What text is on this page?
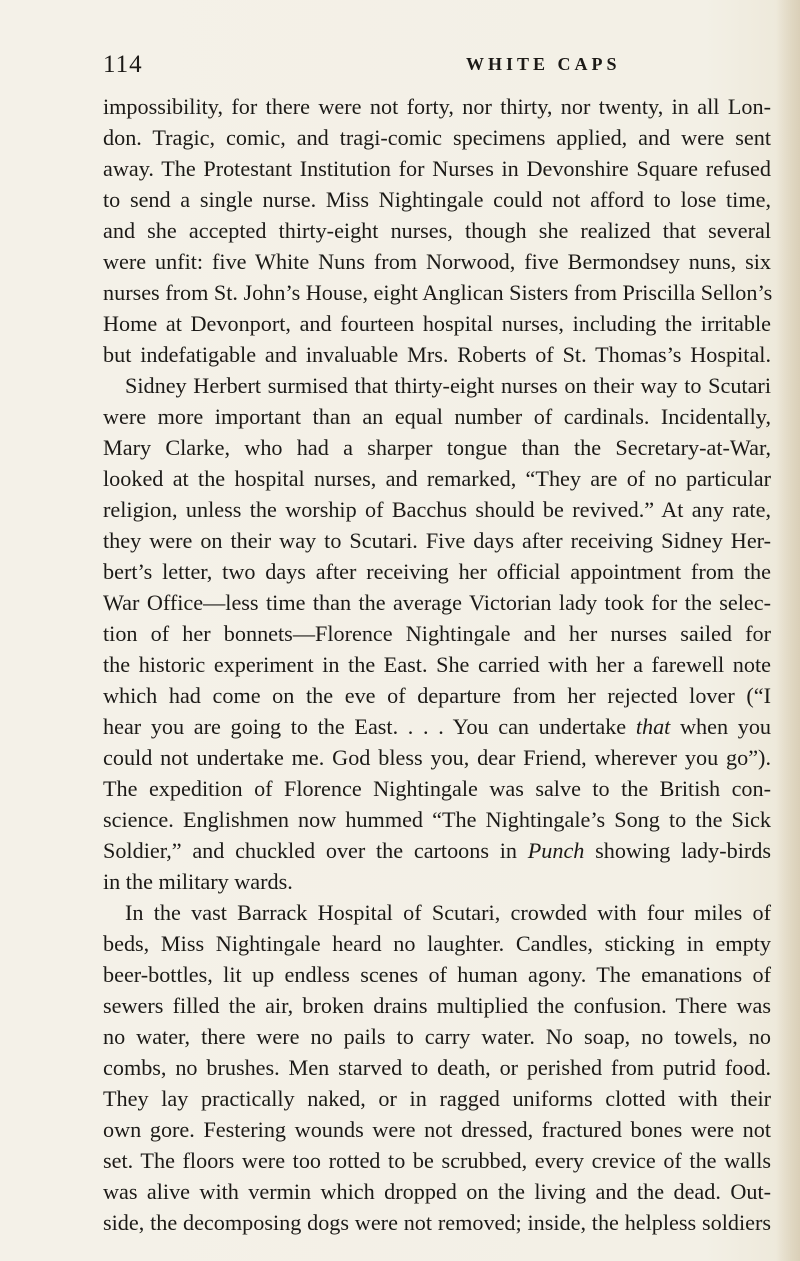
114	WHITE CAPS
impossibility, for there were not forty, nor thirty, nor twenty, in all Lon-
don. Tragic, comic, and tragi-comic specimens applied, and were sent
away. The Protestant Institution for Nurses in Devonshire Square refused
to send a single nurse. Miss Nightingale could not afford to lose time,
and she accepted thirty-eight nurses, though she realized that several
were unfit: five White Nuns from Norwood, five Bermondsey nuns, six
nurses from St. John’s House, eight Anglican Sisters from Priscilla Sellon’s
Home at Devonport, and fourteen hospital nurses, including the irritable
but indefatigable and invaluable Mrs. Roberts of St. Thomas’s Hospital.
Sidney Herbert surmised that thirty-eight nurses on their way to Scutari
were more important than an equal number of cardinals. Incidentally,
Mary Clarke, who had a sharper tongue than the Secretary-at-War,
looked at the hospital nurses, and remarked, “They are of no particular
religion, unless the worship of Bacchus should be revived.” At any rate,
they were on their way to Scutari. Five days after receiving Sidney Her-
bert’s letter, two days after receiving her official appointment from the
War Office—less time than the average Victorian lady took for the selec-
tion of her bonnets—Florence Nightingale and her nurses sailed for
the historic experiment in the East. She carried with her a farewell note
which had come on the eve of departure from her rejected lover (“I
hear you are going to the East. . . . You can undertake that when you
could not undertake me. God bless you, dear Friend, wherever you go”).
The expedition of Florence Nightingale was salve to the British con-
science. Englishmen now hummed “The Nightingale’s Song to the Sick
Soldier,” and chuckled over the cartoons in Punch showing lady-birds
in the military wards.
In the vast Barrack Hospital of Scutari, crowded with four miles of
beds, Miss Nightingale heard no laughter. Candles, sticking in empty
beer-bottles, lit up endless scenes of human agony. The emanations of
sewers filled the air, broken drains multiplied the confusion. There was
no water, there were no pails to carry water. No soap, no towels, no
combs, no brushes. Men starved to death, or perished from putrid food.
They lay practically naked, or in ragged uniforms clotted with their
own gore. Festering wounds were not dressed, fractured bones were not
set. The floors were too rotted to be scrubbed, every crevice of the walls
was alive with vermin which dropped on the living and the dead. Out-
side, the decomposing dogs were not removed; inside, the helpless soldiers
